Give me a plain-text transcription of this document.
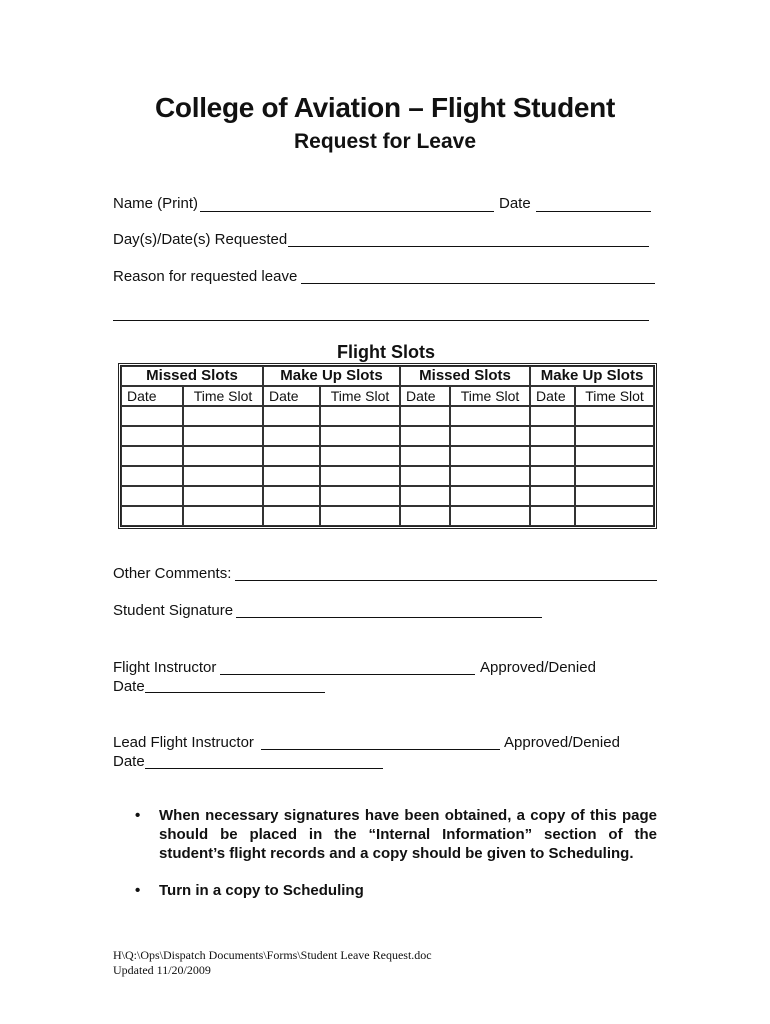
College of Aviation – Flight Student
Request for Leave
Name (Print)	Date
Day(s)/Date(s) Requested
Reason for requested leave
Flight Slots
Missed Slots		Make Up Slots		Missed Slots		Make Up Slots	
Date	Time Slot	Date	Time Slot	Date	Time Slot	Date	Time Slot

Other Comments:
Student Signature
Flight Instructor	Approved/Denied
Date
Lead Flight Instructor	Approved/Denied
Date
• When necessary signatures have been obtained, a copy of this page should be placed in the “Internal Information” section of the student’s flight records and a copy should be given to Scheduling.
• Turn in a copy to Scheduling
H\Q:\Ops\Dispatch Documents\Forms\Student Leave Request.doc
Updated 11/20/2009
